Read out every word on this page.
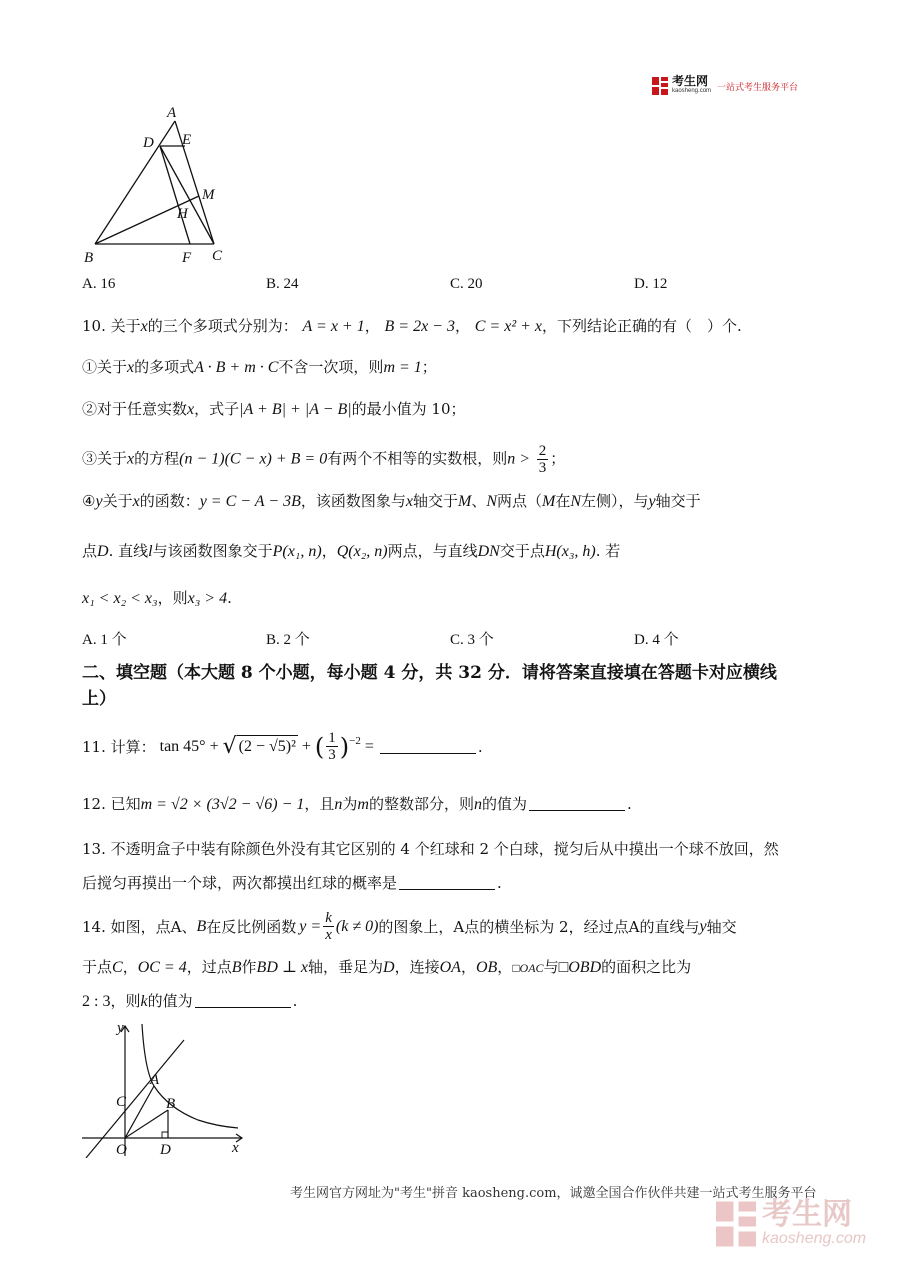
考生网
kaosheng.com 一站式考生服务平台
A
D E
M
H
B	F C
A. 16	B. 24	C. 20	D. 12
10. 关于x的三个多项式分别为： A = x + 1， B = 2x − 3， C = x² + x，下列结论正确的有（　）个.
①关于x的多项式A · B + m · C不含一次项，则m = 1；
②对于任意实数x，式子|A + B| + |A − B|的最小值为 10；
③关于x的方程(n − 1)(C − x) + B = 0有两个不相等的实数根，则$n > \frac{2}{3}$ ；
④y关于x的函数：y = C − A − 3B，该函数图象与x轴交于M、N两点（M在N左侧），与y轴交于
点D. 直线l与该函数图象交于P(x₁, n)，Q(x₂, n)两点，与直线DN交于点H(x₃, h). 若
x₁ < x₂ < x₃，则x₃ > 4.
A. 1 个	B. 2 个	C. 3 个	D. 4 个
二、填空题（本大题 8 个小题，每小题 4 分，共 32 分．请将答案直接填在答题卡对应横线
上）
11. 计算： tan 45° + √ (2 − √5)² + ( $\frac{1}{3} )^{-2}$ =	.
12. 已知m = √2 × (3√2 − √6) − 1，且n为m的整数部分，则n的值为	.
13. 不透明盒子中装有除颜色外没有其它区别的 4 个红球和 2 个白球，搅匀后从中摸出一个球不放回，然
后搅匀再摸出一个球，两次都摸出红球的概率是	.
14. 如图，点 A 、 B 在反比例函数 $y = \frac{k}{x} (k \ne 0)$ 的图象上， A 点的横坐标为 2，经过点 A 的直线与 y 轴交
于点C，OC = 4，过点B作BD ⊥ x轴，垂足为D，连接OA，OB，□OAC与□OBD的面积之比为
2 : 3，则k的值为	.
y
x
O
C
A
B
D
考生网官方网址为"考生"拼音 kaosheng.com，诚邀全国合作伙伴共建一站式考生服务平台
考生网
kaosheng.com
